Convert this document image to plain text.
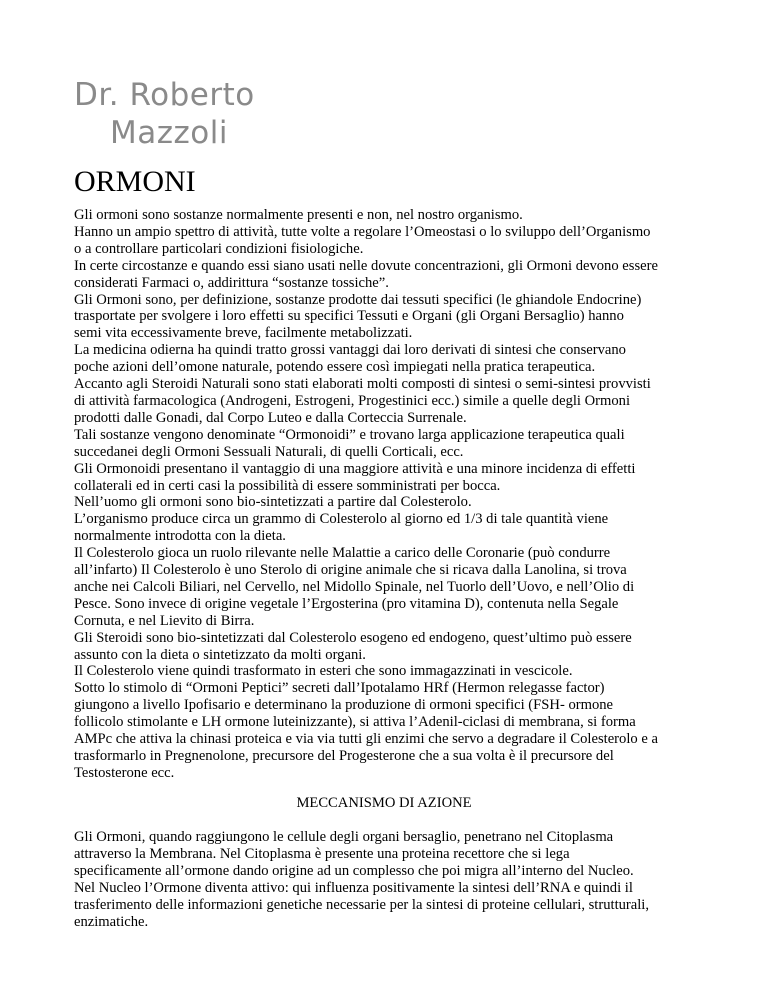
Dr. Roberto
Mazzoli
ORMONI
Gli ormoni sono sostanze normalmente presenti e non, nel nostro organismo.
Hanno un ampio spettro di attività, tutte volte a regolare l’Omeostasi o lo sviluppo dell’Organismo
o a controllare particolari condizioni fisiologiche.
In certe circostanze e quando essi siano usati nelle dovute concentrazioni, gli Ormoni devono essere
considerati Farmaci o, addirittura “sostanze tossiche”.
Gli Ormoni sono, per definizione, sostanze prodotte dai tessuti specifici (le ghiandole Endocrine)
trasportate per svolgere i loro effetti su specifici Tessuti e Organi (gli Organi Bersaglio) hanno
semi vita eccessivamente breve, facilmente metabolizzati.
La medicina odierna ha quindi tratto grossi vantaggi dai loro derivati di sintesi che conservano
poche azioni dell’omone naturale, potendo essere così impiegati nella pratica terapeutica.
Accanto agli Steroidi Naturali sono stati elaborati molti composti di sintesi o semi-sintesi provvisti
di attività farmacologica (Androgeni, Estrogeni, Progestinici ecc.) simile a quelle degli Ormoni
prodotti dalle Gonadi, dal Corpo Luteo e dalla Corteccia Surrenale.
Tali sostanze vengono denominate “Ormonoidi” e trovano larga applicazione terapeutica quali
succedanei degli Ormoni Sessuali Naturali, di quelli Corticali, ecc.
Gli Ormonoidi presentano il vantaggio di una maggiore attività e una minore incidenza di effetti
collaterali ed in certi casi la possibilità di essere somministrati per bocca.
Nell’uomo gli ormoni sono bio-sintetizzati a partire dal Colesterolo.
L’organismo produce circa un grammo di Colesterolo al giorno ed 1/3 di tale quantità viene
normalmente introdotta con la dieta.
Il Colesterolo gioca un ruolo rilevante nelle Malattie a carico delle Coronarie (può condurre
all’infarto) Il Colesterolo è uno Sterolo di origine animale che si ricava dalla Lanolina, si trova
anche nei Calcoli Biliari, nel Cervello, nel Midollo Spinale, nel Tuorlo dell’Uovo, e nell’Olio di
Pesce. Sono invece di origine vegetale l’Ergosterina (pro vitamina D), contenuta nella Segale
Cornuta, e nel Lievito di Birra.
Gli Steroidi sono bio-sintetizzati dal Colesterolo esogeno ed endogeno, quest’ultimo può essere
assunto con la dieta o sintetizzato da molti organi.
Il Colesterolo viene quindi trasformato in esteri che sono immagazzinati in vescicole.
Sotto lo stimolo di “Ormoni Peptici” secreti dall’Ipotalamo HRf (Hermon relegasse factor)
giungono a livello Ipofisario e determinano la produzione di ormoni specifici (FSH- ormone
follicolo stimolante e LH ormone luteinizzante), si attiva l’Adenil-ciclasi di membrana, si forma
AMPc che attiva la chinasi proteica e via via tutti gli enzimi che servo a degradare il Colesterolo e a
trasformarlo in Pregnenolone, precursore del Progesterone che a sua volta è il precursore del
Testosterone ecc.
MECCANISMO DI AZIONE
Gli Ormoni, quando raggiungono le cellule degli organi bersaglio, penetrano nel Citoplasma
attraverso la Membrana. Nel Citoplasma è presente una proteina recettore che si lega
specificamente all’ormone dando origine ad un complesso che poi migra all’interno del Nucleo.
Nel Nucleo l’Ormone diventa attivo: qui influenza positivamente la sintesi dell’RNA e quindi il
trasferimento delle informazioni genetiche necessarie per la sintesi di proteine cellulari, strutturali,
enzimatiche.
